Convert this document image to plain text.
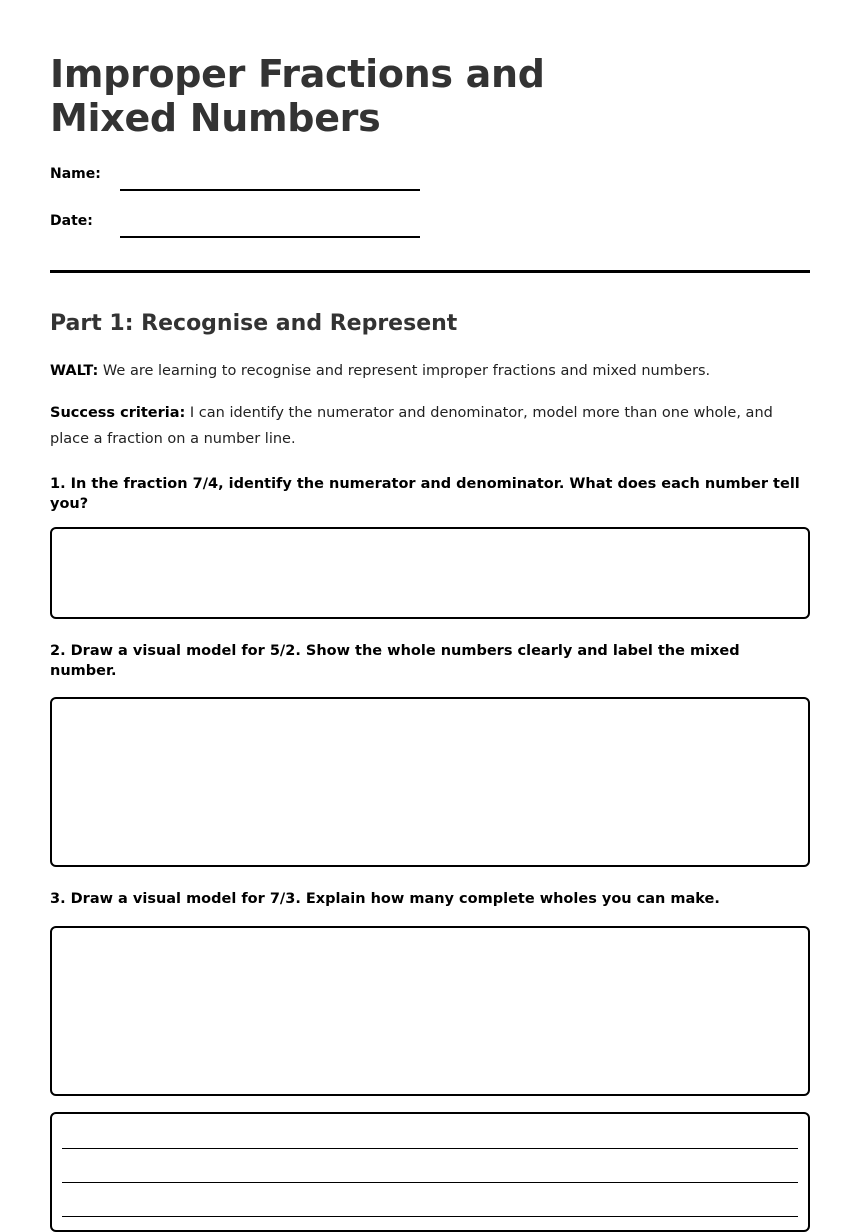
Improper Fractions and Mixed Numbers
Name:
Date:
Part 1: Recognise and Represent

WALT: We are learning to recognise and represent improper fractions and mixed numbers.

Success criteria: I can identify the numerator and denominator, model more than one whole, and place a fraction on a number line.

1. In the fraction 7/4, identify the numerator and denominator. What does each number tell you?

2. Draw a visual model for 5/2. Show the whole numbers clearly and label the mixed number.

3. Draw a visual model for 7/3. Explain how many complete wholes you can make.
